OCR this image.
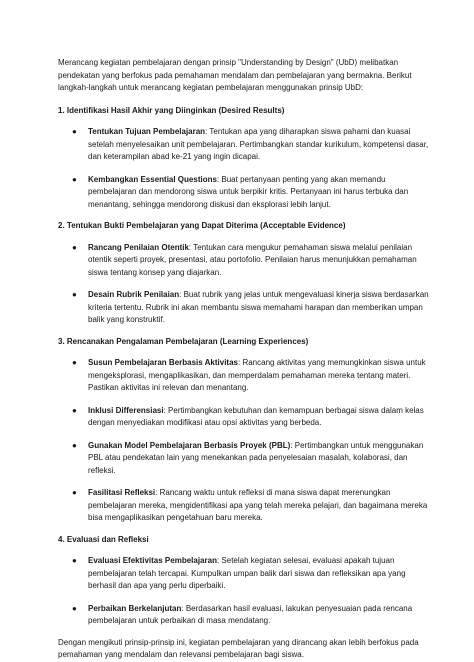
Merancang kegiatan pembelajaran dengan prinsip "Understanding by Design" (UbD) melibatkan pendekatan yang berfokus pada pemahaman mendalam dan pembelajaran yang bermakna. Berikut langkah-langkah untuk merancang kegiatan pembelajaran menggunakan prinsip UbD:

1. Identifikasi Hasil Akhir yang Diinginkan (Desired Results)

● Tentukan Tujuan Pembelajaran: Tentukan apa yang diharapkan siswa pahami dan kuasai setelah menyelesaikan unit pembelajaran. Pertimbangkan standar kurikulum, kompetensi dasar, dan keterampilan abad ke-21 yang ingin dicapai.
● Kembangkan Essential Questions: Buat pertanyaan penting yang akan memandu pembelajaran dan mendorong siswa untuk berpikir kritis. Pertanyaan ini harus terbuka dan menantang, sehingga mendorong diskusi dan eksplorasi lebih lanjut.

2. Tentukan Bukti Pembelajaran yang Dapat Diterima (Acceptable Evidence)

● Rancang Penilaian Otentik: Tentukan cara mengukur pemahaman siswa melalui penilaian otentik seperti proyek, presentasi, atau portofolio. Penilaian harus menunjukkan pemahaman siswa tentang konsep yang diajarkan.
● Desain Rubrik Penilaian: Buat rubrik yang jelas untuk mengevaluasi kinerja siswa berdasarkan kriteria tertentu. Rubrik ini akan membantu siswa memahami harapan dan memberikan umpan balik yang konstruktif.

3. Rencanakan Pengalaman Pembelajaran (Learning Experiences)

● Susun Pembelajaran Berbasis Aktivitas: Rancang aktivitas yang memungkinkan siswa untuk mengeksplorasi, mengaplikasikan, dan memperdalam pemahaman mereka tentang materi. Pastikan aktivitas ini relevan dan menantang.
● Inklusi Differensiasi: Pertimbangkan kebutuhan dan kemampuan berbagai siswa dalam kelas dengan menyediakan modifikasi atau opsi aktivitas yang berbeda.
● Gunakan Model Pembelajaran Berbasis Proyek (PBL): Pertimbangkan untuk menggunakan PBL atau pendekatan lain yang menekankan pada penyelesaian masalah, kolaborasi, dan refleksi.
● Fasilitasi Refleksi: Rancang waktu untuk refleksi di mana siswa dapat merenungkan pembelajaran mereka, mengidentifikasi apa yang telah mereka pelajari, dan bagaimana mereka bisa mengaplikasikan pengetahuan baru mereka.

4. Evaluasi dan Refleksi

● Evaluasi Efektivitas Pembelajaran: Setelah kegiatan selesai, evaluasi apakah tujuan pembelajaran telah tercapai. Kumpulkan umpan balik dari siswa dan refleksikan apa yang berhasil dan apa yang perlu diperbaiki.
● Perbaikan Berkelanjutan: Berdasarkan hasil evaluasi, lakukan penyesuaian pada rencana pembelajaran untuk perbaikan di masa mendatang.

Dengan mengikuti prinsip-prinsip ini, kegiatan pembelajaran yang dirancang akan lebih berfokus pada pemahaman yang mendalam dan relevansi pembelajaran bagi siswa.
